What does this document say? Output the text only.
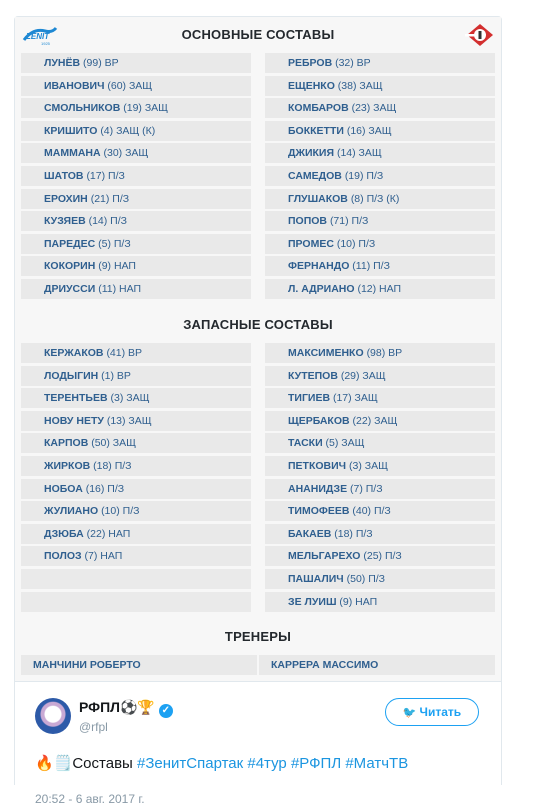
ZENIT
1925
ОСНОВНЫЕ СОСТАВЫ
ЛУНЁВ (99) ВР
ИВАНОВИЧ (60) ЗАЩ
СМОЛЬНИКОВ (19) ЗАЩ
КРИШИТО (4) ЗАЩ (К)
МАММАНА (30) ЗАЩ
ШАТОВ (17) П/З
ЕРОХИН (21) П/З
КУЗЯЕВ (14) П/З
ПАРЕДЕС (5) П/З
КОКОРИН (9) НАП
ДРИУССИ (11) НАП
РЕБРОВ (32) ВР
ЕЩЕНКО (38) ЗАЩ
КОМБАРОВ (23) ЗАЩ
БОККЕТТИ (16) ЗАЩ
ДЖИКИЯ (14) ЗАЩ
САМЕДОВ (19) П/З
ГЛУШАКОВ (8) П/З (К)
ПОПОВ (71) П/З
ПРОМЕС (10) П/З
ФЕРНАНДО (11) П/З
Л. АДРИАНО (12) НАП
ЗАПАСНЫЕ СОСТАВЫ
КЕРЖАКОВ (41) ВР
ЛОДЫГИН (1) ВР
ТЕРЕНТЬЕВ (3) ЗАЩ
НОВУ НЕТУ (13) ЗАЩ
КАРПОВ (50) ЗАЩ
ЖИРКОВ (18) П/З
НОБОА (16) П/З
ЖУЛИАНО (10) П/З
ДЗЮБА (22) НАП
ПОЛОЗ (7) НАП
МАКСИМЕНКО (98) ВР
КУТЕПОВ (29) ЗАЩ
ТИГИЕВ (17) ЗАЩ
ЩЕРБАКОВ (22) ЗАЩ
ТАСКИ (5) ЗАЩ
ПЕТКОВИЧ (3) ЗАЩ
АНАНИДЗЕ (7) П/З
ТИМОФЕЕВ (40) П/З
БАКАЕВ (18) П/З
МЕЛЬГАРЕХО (25) П/З
ПАШАЛИЧ (50) П/З
ЗЕ ЛУИШ (9) НАП
ТРЕНЕРЫ
МАНЧИНИ РОБЕРТО	КАРРЕРА МАССИМО
РФПЛ⚽🏆 ✓
@rfpl
🐦 Читать
🔥🗒️Составы #ЗенитСпартак #4тур #РФПЛ #МатчТВ
20:52 - 6 авг. 2017 г.
